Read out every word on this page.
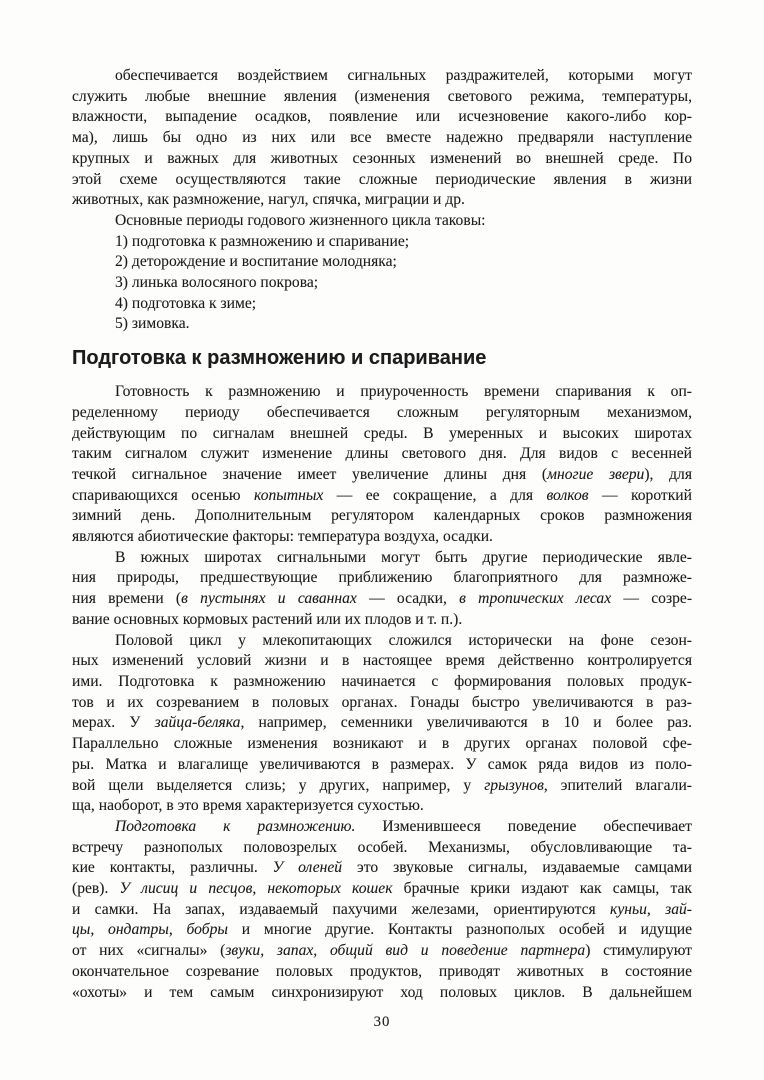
обеспечивается воздействием сигнальных раздражителей, которыми могут
служить любые внешние явления (изменения светового режима, температуры,
влажности, выпадение осадков, появление или исчезновение какого-либо кор-
ма), лишь бы одно из них или все вместе надежно предваряли наступление
крупных и важных для животных сезонных изменений во внешней среде. По
этой схеме осуществляются такие сложные периодические явления в жизни
животных, как размножение, нагул, спячка, миграции и др.
Основные периоды годового жизненного цикла таковы:
1) подготовка к размножению и спаривание;
2) деторождение и воспитание молодняка;
3) линька волосяного покрова;
4) подготовка к зиме;
5) зимовка.
Подготовка к размножению и спаривание
Готовность к размножению и приуроченность времени спаривания к оп-
ределенному периоду обеспечивается сложным регуляторным механизмом,
действующим по сигналам внешней среды. В умеренных и высоких широтах
таким сигналом служит изменение длины светового дня. Для видов с весенней
течкой сигнальное значение имеет увеличение длины дня (многие звери), для
спаривающихся осенью копытных — ее сокращение, а для волков — короткий
зимний день. Дополнительным регулятором календарных сроков размножения
являются абиотические факторы: температура воздуха, осадки.
В южных широтах сигнальными могут быть другие периодические явле-
ния природы, предшествующие приближению благоприятного для размноже-
ния времени (в пустынях и саваннах — осадки, в тропических лесах — созре-
вание основных кормовых растений или их плодов и т. п.).
Половой цикл у млекопитающих сложился исторически на фоне сезон-
ных изменений условий жизни и в настоящее время действенно контролируется
ими. Подготовка к размножению начинается с формирования половых продук-
тов и их созреванием в половых органах. Гонады быстро увеличиваются в раз-
мерах. У зайца-беляка, например, семенники увеличиваются в 10 и более раз.
Параллельно сложные изменения возникают и в других органах половой сфе-
ры. Матка и влагалище увеличиваются в размерах. У самок ряда видов из поло-
вой щели выделяется слизь; у других, например, у грызунов, эпителий влагали-
ща, наоборот, в это время характеризуется сухостью.
Подготовка к размножению. Изменившееся поведение обеспечивает
встречу разнополых половозрелых особей. Механизмы, обусловливающие та-
кие контакты, различны. У оленей это звуковые сигналы, издаваемые самцами
(рев). У лисиц и песцов, некоторых кошек брачные крики издают как самцы, так
и самки. На запах, издаваемый пахучими железами, ориентируются куньи, зай-
цы, ондатры, бобры и многие другие. Контакты разнополых особей и идущие
от них «сигналы» (звуки, запах, общий вид и поведение партнера) стимулируют
окончательное созревание половых продуктов, приводят животных в состояние
«охоты» и тем самым синхронизируют ход половых циклов. В дальнейшем
30
